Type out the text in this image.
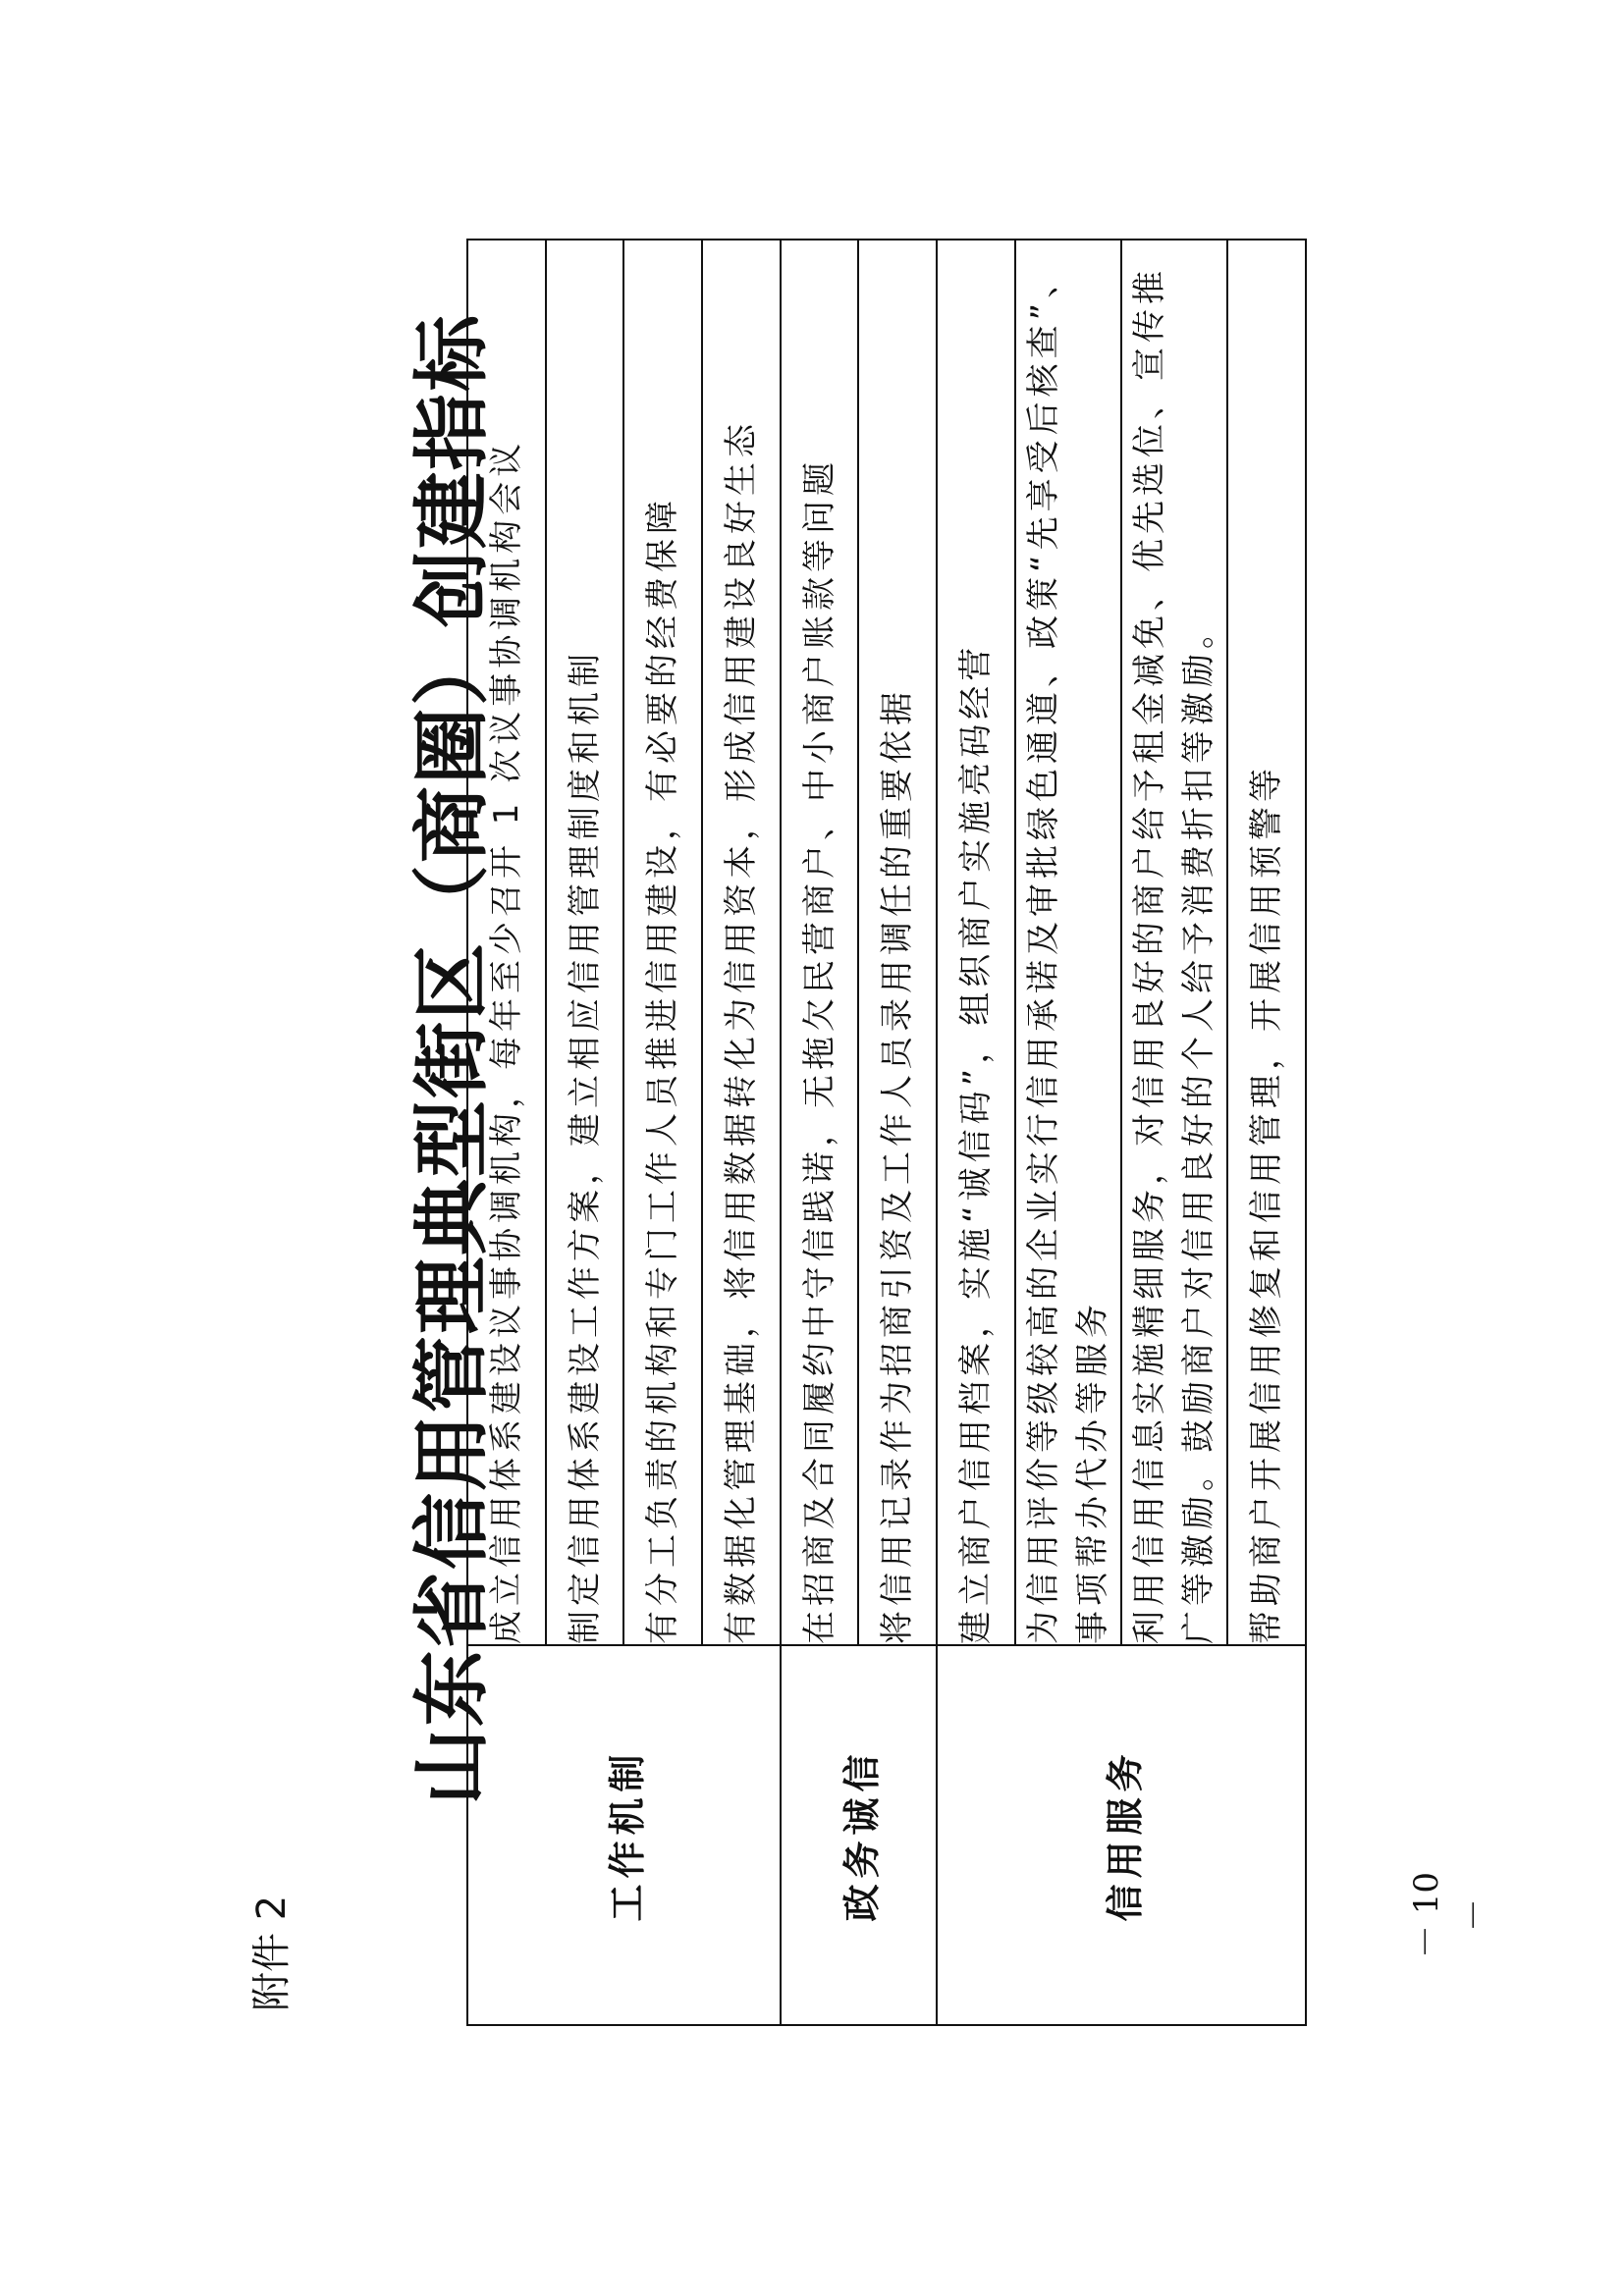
附件 2
山东省信用管理典型街区（商圈）创建指标
工作机制	成立信用体系建设议事协调机构，每年至少召开 1 次议事协调机构会议
	制定信用体系建设工作方案，建立相应信用管理制度和机制
	有分工负责的机构和专门工作人员推进信用建设，有必要的经费保障
	有数据化管理基础，将信用数据转化为信用资本，形成信用建设良好生态
政务诚信	在招商及合同履约中守信践诺，无拖欠民营商户、中小商户账款等问题
	将信用记录作为招商引资及工作人员录用调任的重要依据
信用服务	建立商户信用档案，实施“诚信码”，组织商户实施亮码经营
	为信用评价等级较高的企业实行信用承诺及审批绿色通道、政策“先享受后核查”、事项帮办代办等服务
	利用信用信息实施精细服务，对信用良好的商户给予租金减免、优先选位、宣传推广等激励。鼓励商户对信用良好的个人给予消费折扣等激励。
	帮助商户开展信用修复和信用管理，开展信用预警等
－ 10 －
